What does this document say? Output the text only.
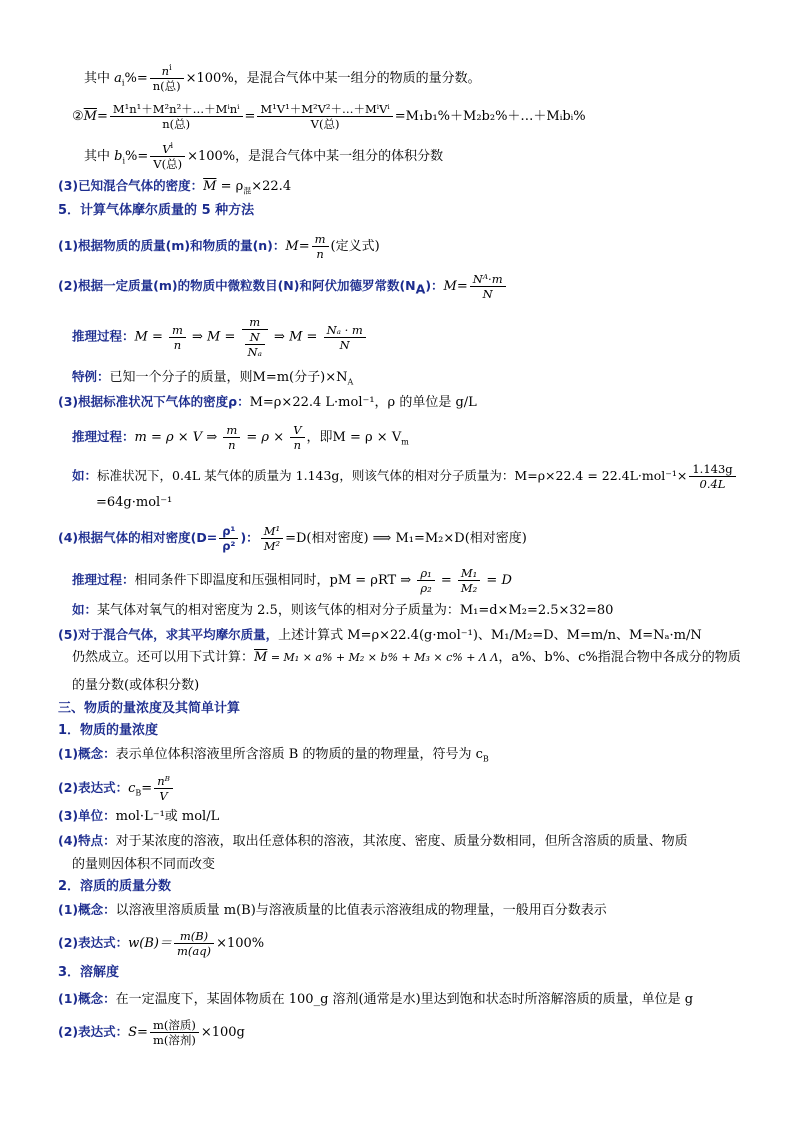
其中 $a_i\%= \frac{n^i}{\text{n(总)}} \times 100\%$，是混合气体中某一组分的物质的量分数。
$②\overline{M}= \frac{\text{M¹n¹＋M²n²＋…＋Mⁱnⁱ}}{\text{n(总)}} = \frac{\text{M¹V¹＋M²V²＋…＋MⁱVⁱ}}{\text{V(总)}}$ =M₁b₁%＋M₂b₂%＋…＋Mᵢbᵢ%
其中 $b_i\%= \frac{V^i}{\text{V(总)}} \times 100\%$，是混合气体中某一组分的体积分数
(3)已知混合气体的密度：$\overline{M} = \rho_混\times 22.4$
5．计算气体摩尔质量的 5 种方法
(1)根据物质的质量(m)和物质的量(n)：$M= \frac{m}{n}$ (定义式)
(2)根据一定质量(m)的物质中微粒数目(N)和阿伏加德罗常数$(N_A)$：$M= \frac{\text{Nᴬ·m}}{N}$
推理过程：$M = \frac{m}{n}$ ⇒ $M = \frac{m}{\frac{N}{\text{Nₐ}}}$ ⇒ $M = \frac{\text{Nₐ · m}}{N}$
特例：已知一个分子的质量，则M=m(分子)$\times N_A$
(3)根据标准状况下气体的密度ρ：M=ρ×22.4 L·mol⁻¹，ρ 的单位是 g/L
推理过程：m = ρ × V ⇒ $\frac{m}{n} = \rho \times \frac{V}{n}$ ，即$M = \rho \times V_m$
如：标准状况下，0.4L 某气体的质量为 1.143g，则该气体的相对分子质量为：$M=\rho\times 22.4 = 22.4L\cdot mol^{-1}\times \frac{1.143g}{0.4L}$
=64g·mol⁻¹
(4)根据气体的相对密度($D= \frac{\text{ρ¹}}{\text{ρ²}}$ )： $\frac{\text{M¹}}{\text{M²}} =D$(相对密度) ⟹ M₁=M₂×D(相对密度)
推理过程：相同条件下即温度和压强相同时，pM = ρRT ⇒ $\frac{\text{ρ₁}}{\text{ρ₂}} = \frac{\text{M₁}}{\text{M₂}} = D$
如：某气体对氧气的相对密度为 2.5，则该气体的相对分子质量为：M₁=d×M₂=2.5×32=80
(5)对于混合气体，求其平均摩尔质量，上述计算式 M=ρ×22.4(g·mol⁻¹)、M₁/M₂=D、M=m/n、M=Nₐ·m/N
仍然成立。还可以用下式计算：$\overline{M} = M_1 \times a\% + M_2 \times b\% + M_3 \times c\% + \Lambda$ Λ，a%、b%、c%指混合物中各成分的物质
的量分数(或体积分数)
三、物质的量浓度及其简单计算
1．物质的量浓度
(1)概念：表示单位体积溶液里所含溶质 B 的物质的量的物理量，符号为 $c_B$
(2)表达式：$c_B= \frac{\text{nᴮ}}{V}$
(3)单位：mol·L⁻¹或 mol/L
(4)特点：对于某浓度的溶液，取出任意体积的溶液，其浓度、密度、质量分数相同，但所含溶质的质量、物质
的量则因体积不同而改变
2．溶质的质量分数
(1)概念：以溶液里溶质质量 m(B)与溶液质量的比值表示溶液组成的物理量，一般用百分数表示
(2)表达式：$w(B)= \frac{m(B)}{m(aq)} \times 100\%$
3．溶解度
(1)概念：在一定温度下，某固体物质在 100_g 溶剂(通常是水)里达到饱和状态时所溶解溶质的质量，单位是 g
(2)表达式：$S= \frac{\text{m(溶质)}}{\text{m(溶剂)}} \times 100g$
